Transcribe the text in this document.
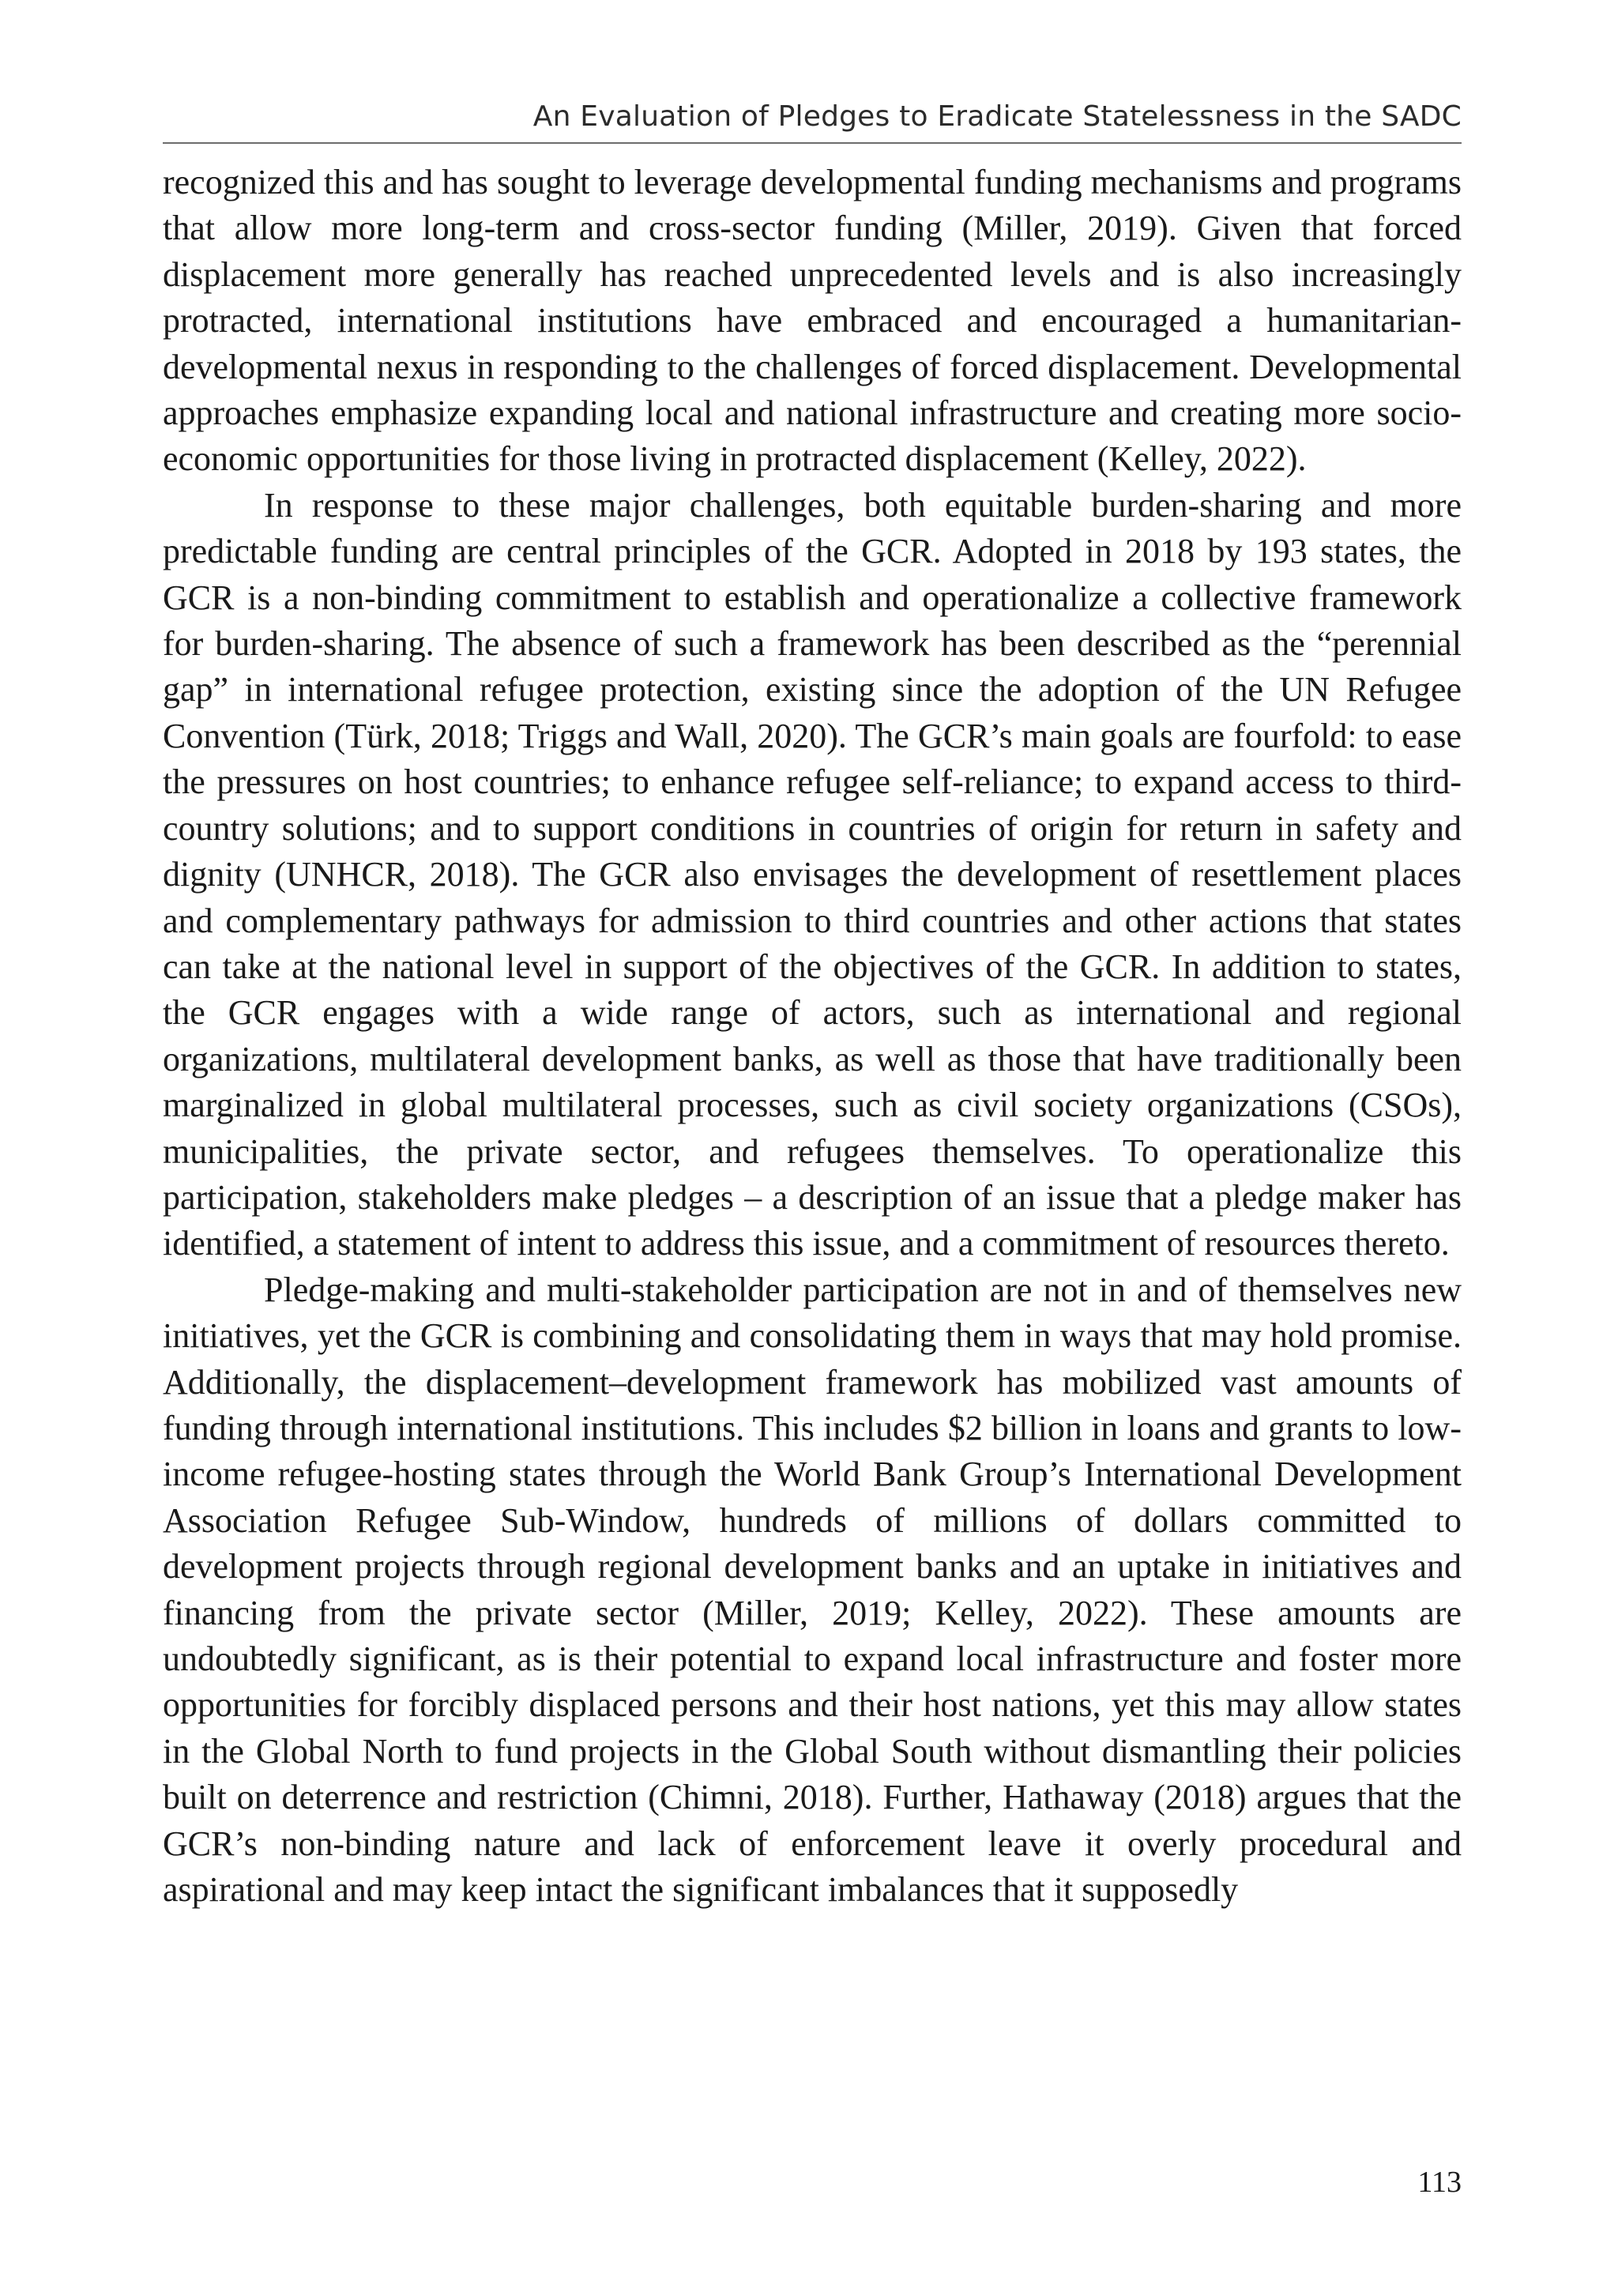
An Evaluation of Pledges to Eradicate Statelessness in the SADC

recognized this and has sought to leverage developmental funding mechanisms and programs that allow more long-term and cross-sector funding (Miller, 2019). Given that forced displacement more generally has reached unprecedented levels and is also increasingly protracted, international institutions have embraced and encouraged a humanitarian-developmental nexus in responding to the challenges of forced displacement. Developmental approaches emphasize expanding local and national infrastructure and creating more socio-economic opportunities for those living in protracted displacement (Kelley, 2022).

In response to these major challenges, both equitable burden-sharing and more predictable funding are central principles of the GCR. Adopted in 2018 by 193 states, the GCR is a non-binding commitment to establish and operationalize a collective framework for burden-sharing. The absence of such a framework has been described as the “perennial gap” in international refugee protection, existing since the adoption of the UN Refugee Convention (Türk, 2018; Triggs and Wall, 2020). The GCR’s main goals are fourfold: to ease the pressures on host countries; to enhance refugee self-reliance; to expand access to third-country solutions; and to support conditions in countries of origin for return in safety and dignity (UNHCR, 2018). The GCR also envisages the development of resettlement places and complementary pathways for admission to third countries and other actions that states can take at the national level in support of the objectives of the GCR. In addition to states, the GCR engages with a wide range of actors, such as international and regional organizations, multilateral development banks, as well as those that have traditionally been marginalized in global multilateral processes, such as civil society organizations (CSOs), municipalities, the private sector, and refugees themselves. To operationalize this participation, stakeholders make pledges – a description of an issue that a pledge maker has identified, a statement of intent to address this issue, and a commitment of resources thereto.

Pledge-making and multi-stakeholder participation are not in and of themselves new initiatives, yet the GCR is combining and consolidating them in ways that may hold promise. Additionally, the displacement–development framework has mobilized vast amounts of funding through international institutions. This includes $2 billion in loans and grants to low-income refugee-hosting states through the World Bank Group’s International Development Association Refugee Sub-Window, hundreds of millions of dollars committed to development projects through regional development banks and an uptake in initiatives and financing from the private sector (Miller, 2019; Kelley, 2022). These amounts are undoubtedly significant, as is their potential to expand local infrastructure and foster more opportunities for forcibly displaced persons and their host nations, yet this may allow states in the Global North to fund projects in the Global South without dismantling their policies built on deterrence and restriction (Chimni, 2018). Further, Hathaway (2018) argues that the GCR’s non-binding nature and lack of enforcement leave it overly procedural and aspirational and may keep intact the significant imbalances that it supposedly

113
